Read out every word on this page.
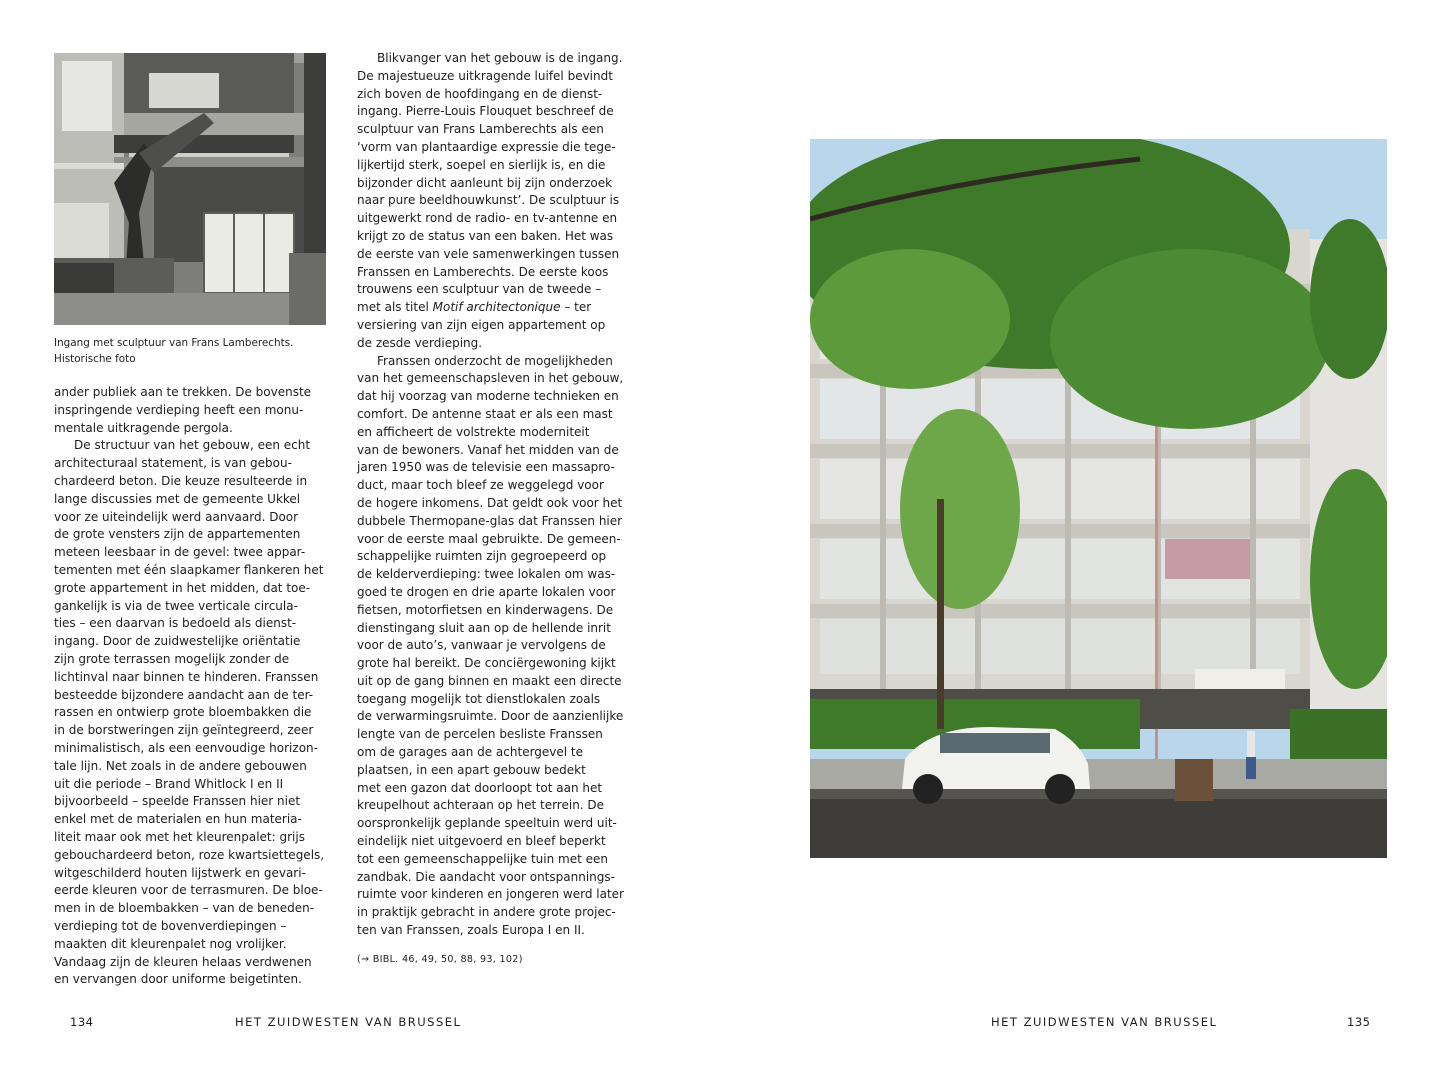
Ingang met sculptuur van Frans Lamberechts.
Historische foto

ander publiek aan te trekken. De bovenste
inspringende verdieping heeft een monu-
mentale uitkragende pergola.

De structuur van het gebouw, een echt
architecturaal statement, is van gebou-
chardeerd beton. Die keuze resulteerde in
lange discussies met de gemeente Ukkel
voor ze uiteindelijk werd aanvaard. Door
de grote vensters zijn de appartementen
meteen leesbaar in de gevel: twee appar-
tementen met één slaapkamer flankeren het
grote appartement in het midden, dat toe-
gankelijk is via de twee verticale circula-
ties – een daarvan is bedoeld als dienst-
ingang. Door de zuidwestelijke oriëntatie
zijn grote terrassen mogelijk zonder de
lichtinval naar binnen te hinderen. Franssen
besteedde bijzondere aandacht aan de ter-
rassen en ontwierp grote bloembakken die
in de borstweringen zijn geïntegreerd, zeer
minimalistisch, als een eenvoudige horizon-
tale lijn. Net zoals in de andere gebouwen
uit die periode – Brand Whitlock I en II
bijvoorbeeld – speelde Franssen hier niet
enkel met de materialen en hun materia-
liteit maar ook met het kleurenpalet: grijs
gebouchardeerd beton, roze kwartsiettegels,
witgeschilderd houten lijstwerk en gevari-
eerde kleuren voor de terrasmuren. De bloe-
men in de bloembakken – van de beneden-
verdieping tot de bovenverdiepingen –
maakten dit kleurenpalet nog vrolijker.
Vandaag zijn de kleuren helaas verdwenen
en vervangen door uniforme beigetinten.

Blikvanger van het gebouw is de ingang.
De majestueuze uitkragende luifel bevindt
zich boven de hoofdingang en de dienst-
ingang. Pierre-Louis Flouquet beschreef de
sculptuur van Frans Lamberechts als een
‘vorm van plantaardige expressie die tege-
lijkertijd sterk, soepel en sierlijk is, en die
bijzonder dicht aanleunt bij zijn onderzoek
naar pure beeldhouwkunst’. De sculptuur is
uitgewerkt rond de radio- en tv-antenne en
krijgt zo de status van een baken. Het was
de eerste van vele samenwerkingen tussen
Franssen en Lamberechts. De eerste koos
trouwens een sculptuur van de tweede –
met als titel Motif architectonique – ter
versiering van zijn eigen appartement op
de zesde verdieping.

Franssen onderzocht de mogelijkheden
van het gemeenschapsleven in het gebouw,
dat hij voorzag van moderne technieken en
comfort. De antenne staat er als een mast
en afficheert de volstrekte moderniteit
van de bewoners. Vanaf het midden van de
jaren 1950 was de televisie een massapro-
duct, maar toch bleef ze weggelegd voor
de hogere inkomens. Dat geldt ook voor het
dubbele Thermopane-glas dat Franssen hier
voor de eerste maal gebruikte. De gemeen-
schappelijke ruimten zijn gegroepeerd op
de kelderverdieping: twee lokalen om was-
goed te drogen en drie aparte lokalen voor
fietsen, motorfietsen en kinderwagens. De
dienstingang sluit aan op de hellende inrit
voor de auto’s, vanwaar je vervolgens de
grote hal bereikt. De conciërgewoning kijkt
uit op de gang binnen en maakt een directe
toegang mogelijk tot dienstlokalen zoals
de verwarmingsruimte. Door de aanzienlijke
lengte van de percelen besliste Franssen
om de garages aan de achtergevel te
plaatsen, in een apart gebouw bedekt
met een gazon dat doorloopt tot aan het
kreupelhout achteraan op het terrein. De
oorspronkelijk geplande speeltuin werd uit-
eindelijk niet uitgevoerd en bleef beperkt
tot een gemeenschappelijke tuin met een
zandbak. Die aandacht voor ontspannings-
ruimte voor kinderen en jongeren werd later
in praktijk gebracht in andere grote projec-
ten van Franssen, zoals Europa I en II.

(→ BIBL. 46, 49, 50, 88, 93, 102)
134	HET ZUIDWESTEN VAN BRUSSEL	HET ZUIDWESTEN VAN BRUSSEL	135
